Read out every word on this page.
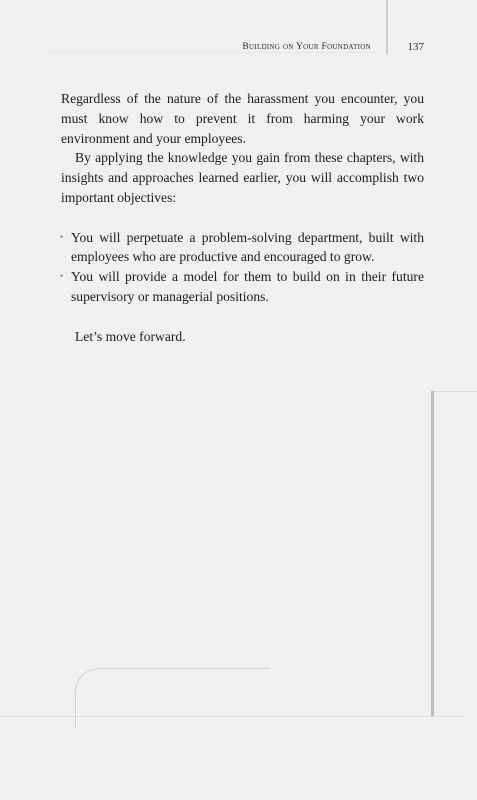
Building on Your Foundation	137

Regardless of the nature of the harassment you encounter, you must know how to prevent it from harming your work environment and your employees.

By applying the knowledge you gain from these chapters, with insights and approaches learned earlier, you will accomplish two important objectives:

• You will perpetuate a problem-solving department, built with employees who are productive and encouraged to grow.
• You will provide a model for them to build on in their future supervisory or managerial positions.

Let’s move forward.
